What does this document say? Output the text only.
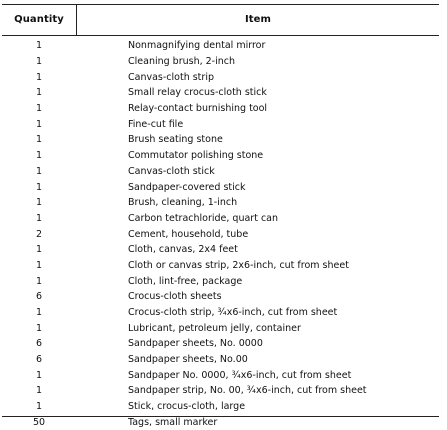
Quantity	Item
1	Nonmagnifying dental mirror
1	Cleaning brush, 2-inch
1	Canvas-cloth strip
1	Small relay crocus-cloth stick
1	Relay-contact burnishing tool
1	Fine-cut file
1	Brush seating stone
1	Commutator polishing stone
1	Canvas-cloth stick
1	Sandpaper-covered stick
1	Brush, cleaning, 1-inch
1	Carbon tetrachloride, quart can
2	Cement, household, tube
1	Cloth, canvas, 2x4 feet
1	Cloth or canvas strip, 2x6-inch, cut from sheet
1	Cloth, lint-free, package
6	Crocus-cloth sheets
1	Crocus-cloth strip, ¾x6-inch, cut from sheet
1	Lubricant, petroleum jelly, container
6	Sandpaper sheets, No. 0000
6	Sandpaper sheets, No.00
1	Sandpaper No. 0000, ¾x6-inch, cut from sheet
1	Sandpaper strip, No. 00, ¾x6-inch, cut from sheet
1	Stick, crocus-cloth, large
50	Tags, small marker
